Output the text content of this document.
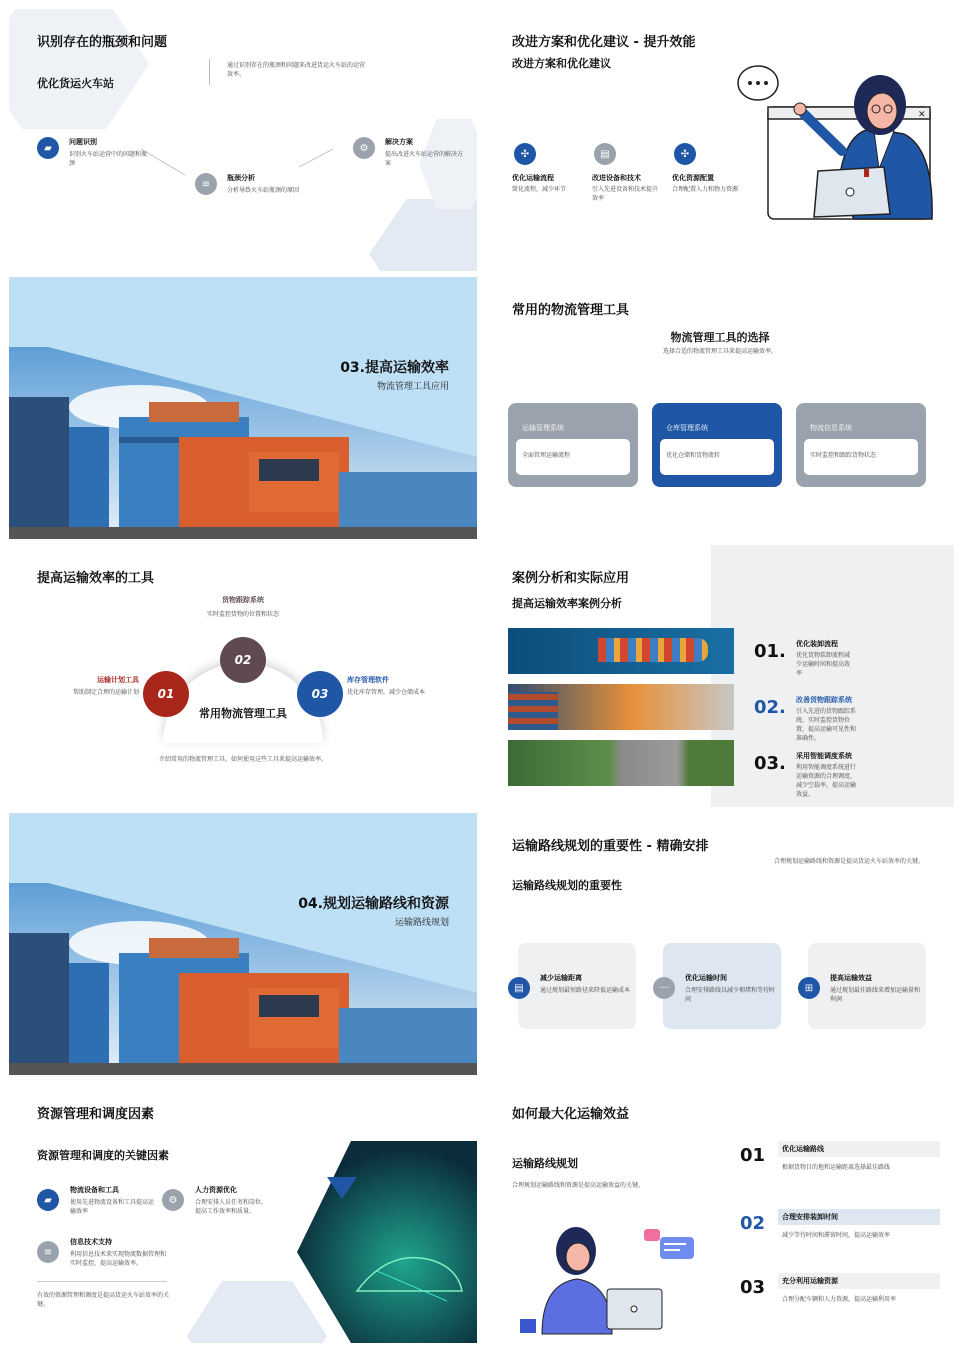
识别存在的瓶颈和问题
优化货运火车站
通过识别存在的瓶颈和问题来改进货运火车站的运营效率。
▰
问题识别
识别火车站运营中的问题和瓶颈
≡
瓶颈分析
分析导致火车站瓶颈的原因
⚙
解决方案
提出改进火车站运营的解决方案
改进方案和优化建议 - 提升效能
改进方案和优化建议
✣
优化运输流程
简化流程，减少环节
▤
改进设备和技术
引入先进设备和技术提升效率
✣
优化资源配置
合理配置人力和物力资源
✕
03.提高运输效率
物流管理工具应用
常用的物流管理工具
物流管理工具的选择
选择合适的物流管理工具来提高运输效率。
运输管理系统
全面管理运输流程
仓库管理系统
优化仓储和货物流转
物流信息系统
实时监控和跟踪货物状态
提高运输效率的工具
货物跟踪系统
实时监控货物的位置和状态
常用物流管理工具
02
01	03
运输计划工具
帮助制定合理的运输计划
库存管理软件
优化库存管理，减少仓储成本
介绍常用的物流管理工具，如何使用这些工具来提高运输效率。
案例分析和实际应用
提高运输效率案例分析
01. 优化装卸流程
优化货物装卸流程减少运输时间和提高效率
02. 改善货物跟踪系统
引入先进的货物跟踪系统，实时监控货物位置，提高运输可见性和准确性。
03. 采用智能调度系统
利用智能调度系统进行运输资源的合理调度，减少空载率，提高运输效益。
04.规划运输路线和资源
运输路线规划
运输路线规划的重要性 - 精确安排
合理规划运输路线和资源是提高货运火车站效率的关键。
运输路线规划的重要性
▤
减少运输距离
通过规划最短路径来降低运输成本	···
优化运输时间
合理安排路线以减少拥堵和等待时间
⊞
提高运输效益
通过规划最佳路线来增加运输量和利润
资源管理和调度因素
资源管理和调度的关键因素
▰
物流设备和工具
使用先进物流设备和工具提高运输效率
⚙
人力资源优化
合理安排人员任务和岗位，提高工作效率和质量。
≡
信息技术支持
利用信息技术来实现物流数据管理和实时监控，提高运输效率。
有效的资源管理和调度是提高货运火车站效率的关键。
如何最大化运输效益
运输路线规划
合理规划运输路线和资源是提高运输效益的关键。
01 优化运输路线
根据货物目的地和运输距离选择最佳路线
02 合理安排装卸时间
减少等待时间和滞留时间，提高运输效率
03 充分利用运输资源
合理分配车辆和人力资源，提高运输利用率
